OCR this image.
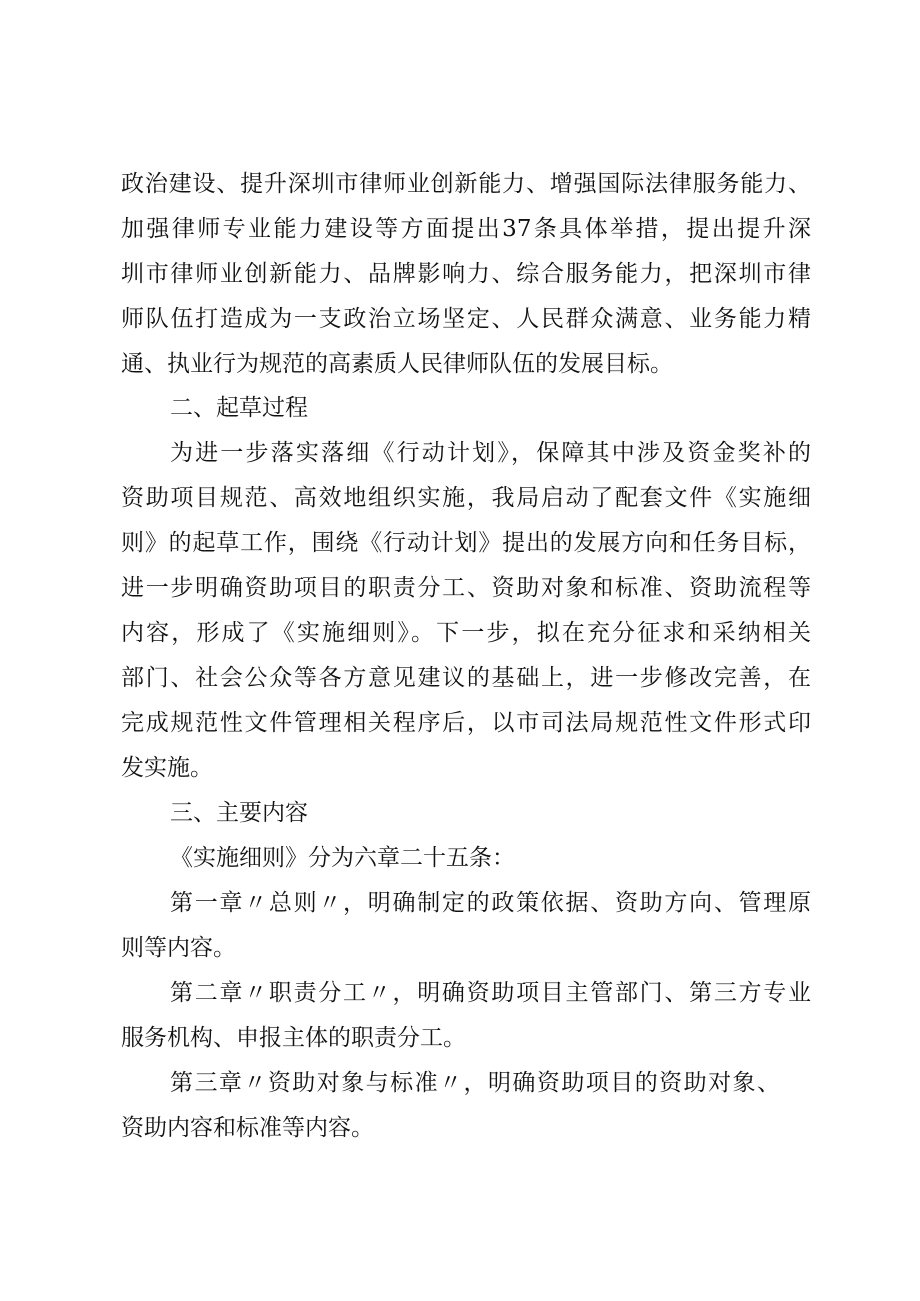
政治建设、提升深圳市律师业创新能力、增强国际法律服务能力、
加强律师专业能力建设等方面提出37条具体举措，提出提升深
圳市律师业创新能力、品牌影响力、综合服务能力，把深圳市律
师队伍打造成为一支政治立场坚定、人民群众满意、业务能力精
通、执业行为规范的高素质人民律师队伍的发展目标。
二、起草过程
为进一步落实落细《行动计划》，保障其中涉及资金奖补的
资助项目规范、高效地组织实施，我局启动了配套文件《实施细
则》的起草工作，围绕《行动计划》提出的发展方向和任务目标，
进一步明确资助项目的职责分工、资助对象和标准、资助流程等
内容，形成了《实施细则》。下一步，拟在充分征求和采纳相关
部门、社会公众等各方意见建议的基础上，进一步修改完善，在
完成规范性文件管理相关程序后，以市司法局规范性文件形式印
发实施。
三、主要内容
《实施细则》分为六章二十五条：
第一章〃总则〃，明确制定的政策依据、资助方向、管理原
则等内容。
第二章〃职责分工〃，明确资助项目主管部门、第三方专业
服务机构、申报主体的职责分工。
第三章〃资助对象与标准〃，明确资助项目的资助对象、
资助内容和标准等内容。
